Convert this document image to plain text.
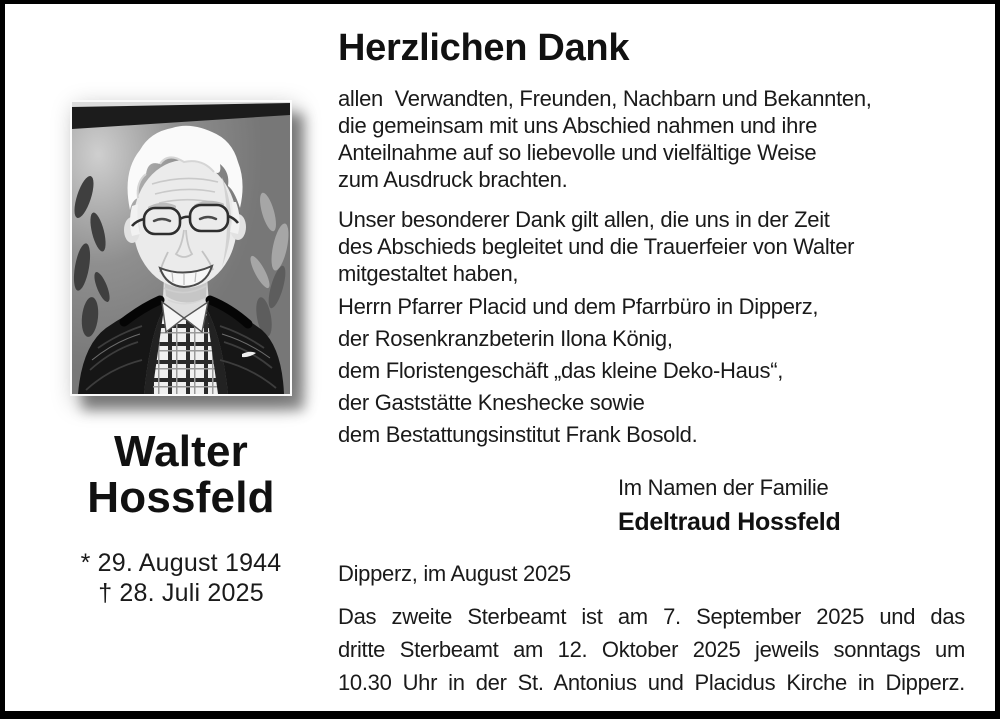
Walter
Hossfeld
* 29. August 1944
† 28. Juli 2025
Herzlichen Dank
allen  Verwandten, Freunden, Nachbarn und Bekannten,
die gemeinsam mit uns Abschied nahmen und ihre
Anteilnahme auf so liebevolle und vielfältige Weise
zum Ausdruck brachten.
Unser besonderer Dank gilt allen, die uns in der Zeit
des Abschieds begleitet und die Trauerfeier von Walter
mitgestaltet haben,
Herrn Pfarrer Placid und dem Pfarrbüro in Dipperz,
der Rosenkranzbeterin Ilona König,
dem Floristengeschäft „das kleine Deko-Haus“,
der Gaststätte Kneshecke sowie
dem Bestattungsinstitut Frank Bosold.
Im Namen der Familie
Edeltraud Hossfeld
Dipperz, im August 2025
Das zweite Sterbeamt ist am 7. September 2025 und das
dritte Sterbeamt am 12. Oktober 2025 jeweils sonntags um
10.30 Uhr in der St. Antonius und Placidus Kirche in Dipperz.
